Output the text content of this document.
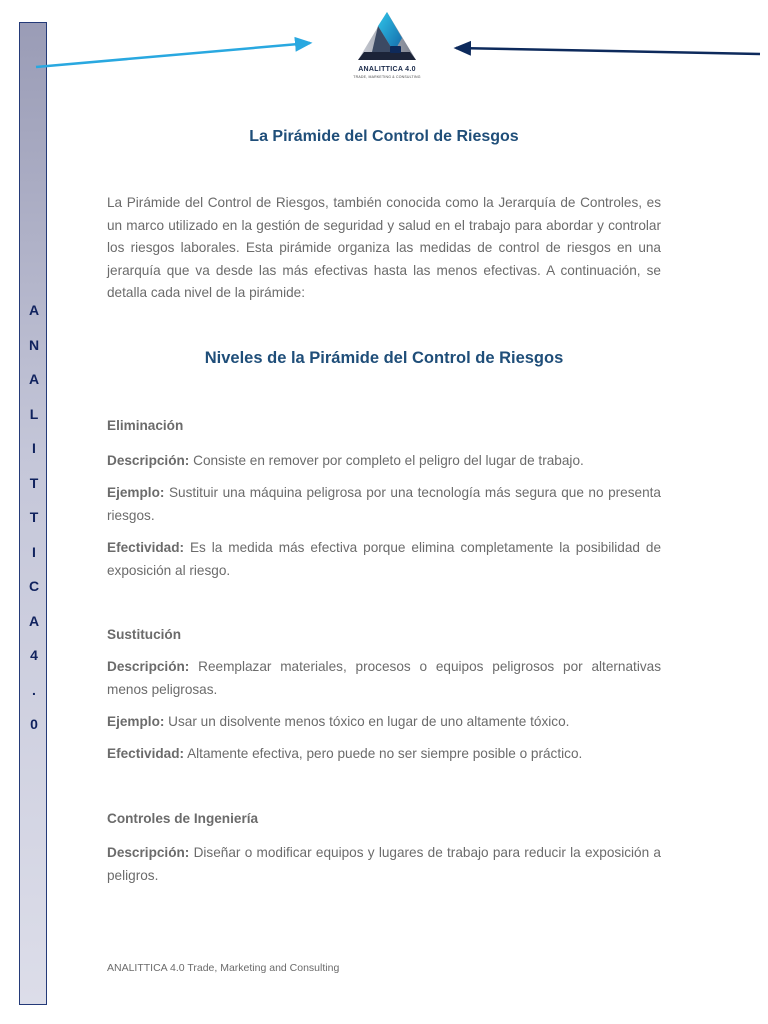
A
N
A
L
I
T
T
I
C
A
4
.
0
ANALITTICA 4.0
TRADE, MARKETING & CONSULTING
La Pirámide del Control de Riesgos

La Pirámide del Control de Riesgos, también conocida como la Jerarquía de Controles, es un marco utilizado en la gestión de seguridad y salud en el trabajo para abordar y controlar los riesgos laborales. Esta pirámide organiza las medidas de control de riesgos en una jerarquía que va desde las más efectivas hasta las menos efectivas. A continuación, se detalla cada nivel de la pirámide:

Niveles de la Pirámide del Control de Riesgos

Eliminación

Descripción: Consiste en remover por completo el peligro del lugar de trabajo.

Ejemplo: Sustituir una máquina peligrosa por una tecnología más segura que no presenta riesgos.

Efectividad: Es la medida más efectiva porque elimina completamente la posibilidad de exposición al riesgo.

Sustitución

Descripción: Reemplazar materiales, procesos o equipos peligrosos por alternativas menos peligrosas.

Ejemplo: Usar un disolvente menos tóxico en lugar de uno altamente tóxico.

Efectividad: Altamente efectiva, pero puede no ser siempre posible o práctico.

Controles de Ingeniería

Descripción: Diseñar o modificar equipos y lugares de trabajo para reducir la exposición a peligros.

ANALITTICA 4.0 Trade, Marketing and Consulting
